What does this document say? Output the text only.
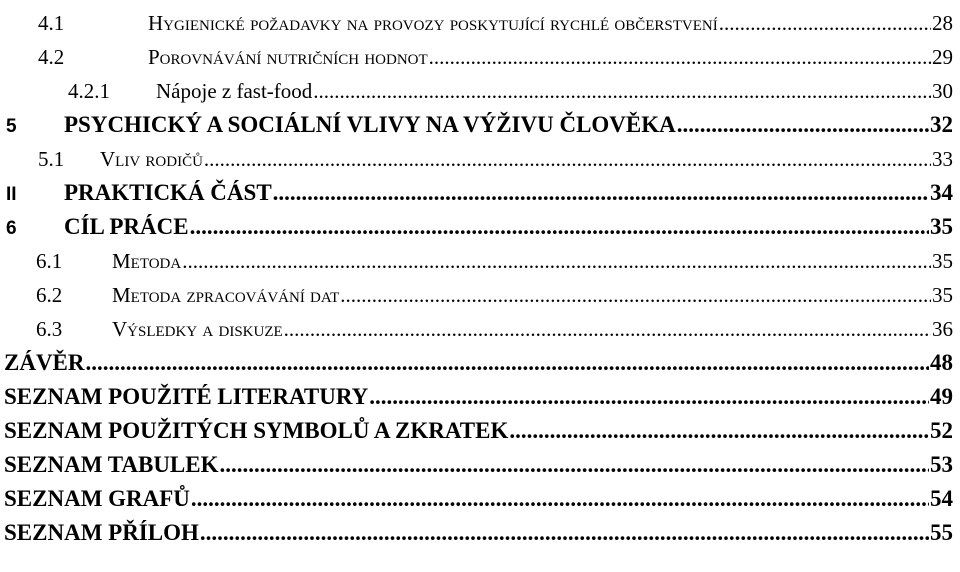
4.1	Hygienické požadavky na provozy poskytující rychlé občerstvení .....	28
4.2	Porovnávání nutričních hodnot .....	29
4.2.1	Nápoje z fast-food .....	30
5	PSYCHICKÝ A SOCIÁLNÍ VLIVY NA VÝŽIVU ČLOVĚKA .....	32
5.1	Vliv rodičů .....	33
II	PRAKTICKÁ ČÁST .....	34
6	CÍL PRÁCE .....	35
6.1	Metoda .....	35
6.2	Metoda zpracovávání dat .....	35
6.3	Výsledky a diskuze .....	36
ZÁVĚR .....	48
SEZNAM POUŽITÉ LITERATURY .....	49
SEZNAM POUŽITÝCH SYMBOLŮ A ZKRATEK .....	52
SEZNAM TABULEK .....	53
SEZNAM GRAFŮ .....	54
SEZNAM PŘÍLOH .....	55
